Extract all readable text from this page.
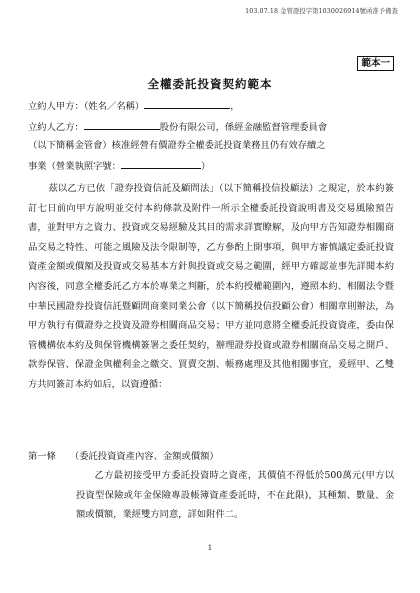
103.07.18 金管證投字第1030026914號函准予備查
範本一
全權委託投資契約範本
立約人甲方：（姓名／名稱）	，
立約人乙方：	股份有限公司，係經金融監督管理委員會
（以下簡稱金管會）核准經營有價證券全權委託投資業務且仍有效存續之
事業（營業執照字號：	）

茲以乙方已依「證券投資信託及顧問法」（以下簡稱投信投顧法）之規定，於本約簽訂七日前向甲方說明並交付本約條款及附件一所示全權委託投資說明書及交易風險預告書，並對甲方之資力、投資或交易經驗及其目的需求詳實瞭解，及向甲方告知證券相關商品交易之特性、可能之風險及法令限制等，乙方參酌上開事項，與甲方審慎議定委託投資資產金額或價額及投資或交易基本方針與投資或交易之範圍，經甲方確認並事先詳閱本約內容後，同意全權委託乙方本於專業之判斷，於本約授權範圍內，遵照本約、相關法令暨中華民國證券投資信託暨顧問商業同業公會（以下簡稱投信投顧公會）相關章則辦法，為甲方執行有價證券之投資及證券相關商品交易；甲方並同意將全權委託投資資產，委由保管機構依本約及與保管機構簽署之委任契約，辦理證券投資或證券相關商品交易之開戶、款券保管、保證金與權利金之繳交、買賣交割、帳務處理及其他相關事宜，爰經甲、乙雙方共同簽訂本約如后，以資遵循：

第一條 （委託投資資產內容、金額或價額）

乙方最初接受甲方委託投資時之資產，其價值不得低於500萬元(甲方以投資型保險或年金保險專設帳簿資產委託時，不在此限)，其種類、數量、金額或價額，業經雙方同意，詳如附件二。

1
